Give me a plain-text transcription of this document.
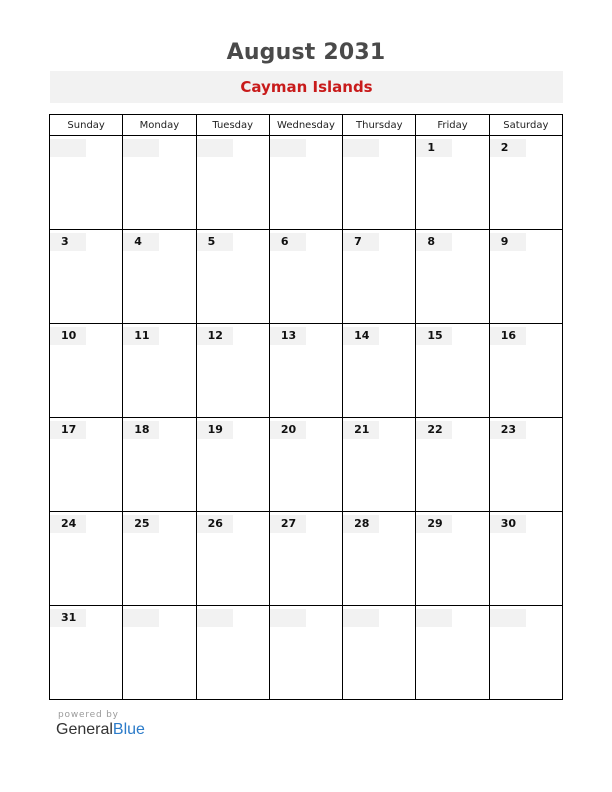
August 2031
Cayman Islands
Sunday	Monday	Tuesday	Wednesday	Thursday	Friday	Saturday

					1	2

3	4	5	6	7	8	9

10	11	12	13	14	15	16

17	18	19	20	21	22	23

24	25	26	27	28	29	30

31						

powered by
GeneralBlue
